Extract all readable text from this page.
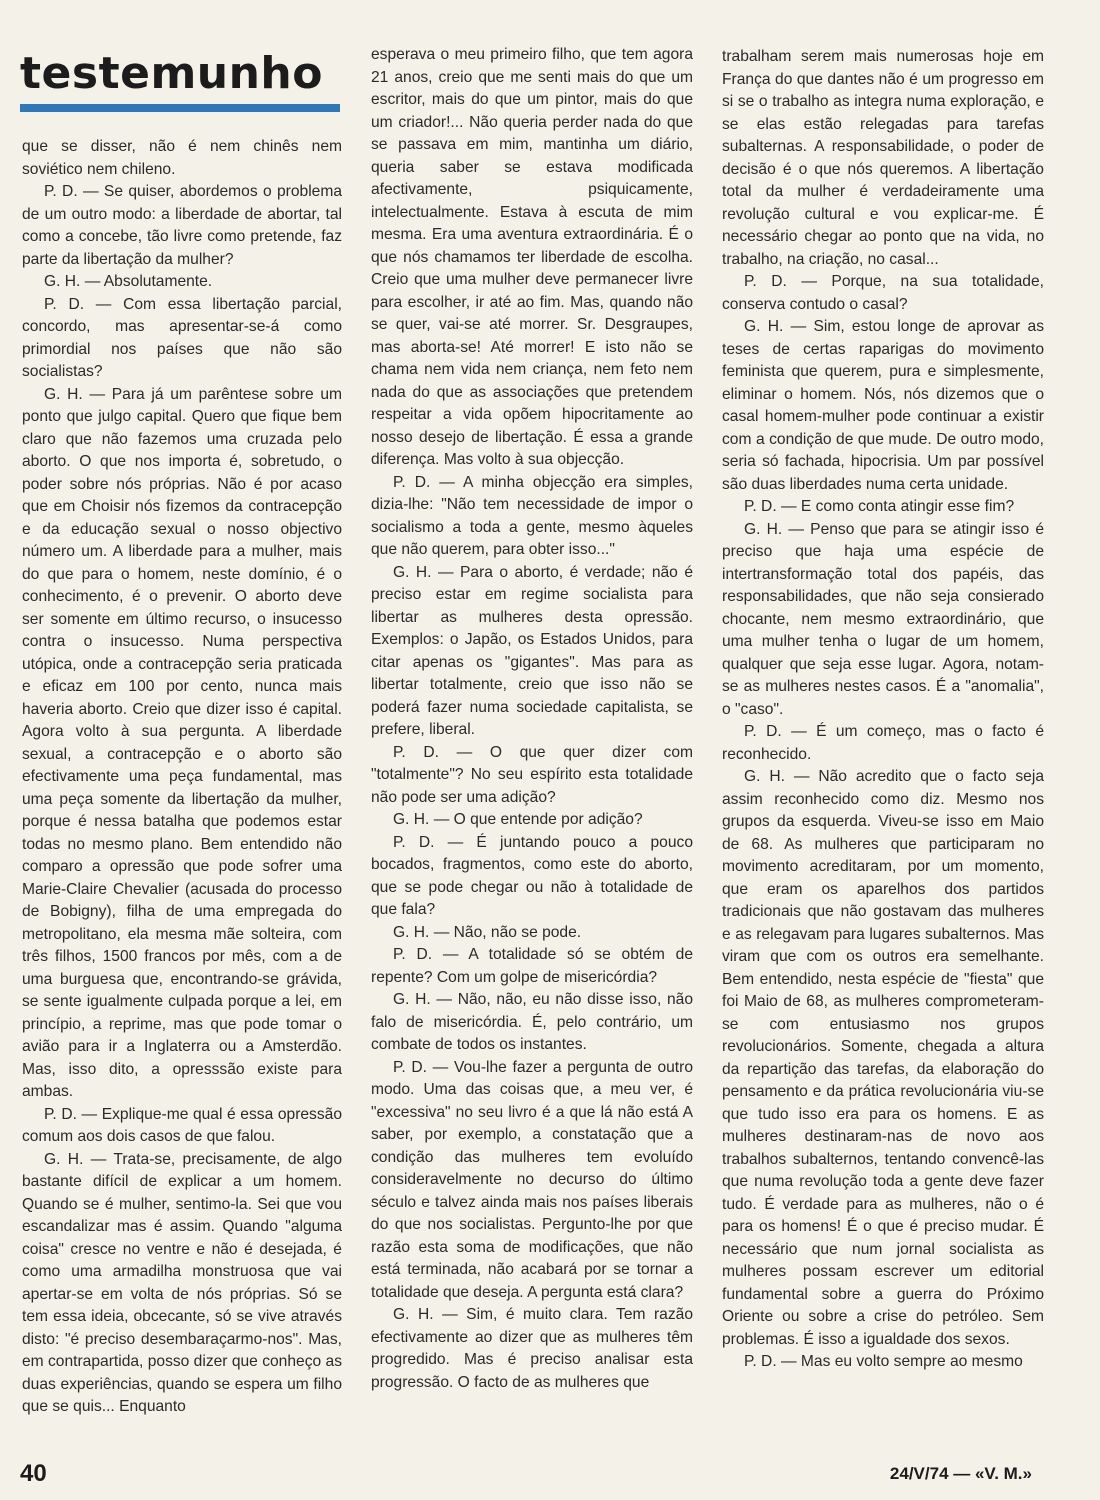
testemunho

que se disser, não é nem chinês nem soviético nem chileno.

P. D. — Se quiser, abordemos o problema de um outro modo: a liberdade de abortar, tal como a concebe, tão livre como pretende, faz parte da libertação da mulher?

G. H. — Absolutamente.

P. D. — Com essa libertação parcial, concordo, mas apresentar-se-á como primordial nos países que não são socialistas?

G. H. — Para já um parêntese sobre um ponto que julgo capital. Quero que fique bem claro que não fazemos uma cruzada pelo aborto. O que nos importa é, sobretudo, o poder sobre nós próprias. Não é por acaso que em Choisir nós fizemos da contracepção e da educação sexual o nosso objectivo número um. A liberdade para a mulher, mais do que para o homem, neste domínio, é o conhecimento, é o prevenir. O aborto deve ser somente em último recurso, o insucesso contra o insucesso. Numa perspectiva utópica, onde a contracepção seria praticada e eficaz em 100 por cento, nunca mais haveria aborto. Creio que dizer isso é capital. Agora volto à sua pergunta. A liberdade sexual, a contracepção e o aborto são efectivamente uma peça fundamental, mas uma peça somente da libertação da mulher, porque é nessa batalha que podemos estar todas no mesmo plano. Bem entendido não comparo a opressão que pode sofrer uma Marie-Claire Chevalier (acusada do processo de Bobigny), filha de uma empregada do metropolitano, ela mesma mãe solteira, com três filhos, 1500 francos por mês, com a de uma burguesa que, encontrando-se grávida, se sente igualmente culpada porque a lei, em princípio, a reprime, mas que pode tomar o avião para ir a Inglaterra ou a Amsterdão. Mas, isso dito, a opresssão existe para ambas.

P. D. — Explique-me qual é essa opressão comum aos dois casos de que falou.

G. H. — Trata-se, precisamente, de algo bastante difícil de explicar a um homem. Quando se é mulher, sentimo-la. Sei que vou escandalizar mas é assim. Quando "alguma coisa" cresce no ventre e não é desejada, é como uma armadilha monstruosa que vai apertar-se em volta de nós próprias. Só se tem essa ideia, obcecante, só se vive através disto: "é preciso desembaraçarmo-nos". Mas, em contrapartida, posso dizer que conheço as duas experiências, quando se espera um filho que se quis... Enquanto

esperava o meu primeiro filho, que tem agora 21 anos, creio que me senti mais do que um escritor, mais do que um pintor, mais do que um criador!... Não queria perder nada do que se passava em mim, mantinha um diário, queria saber se estava modificada afectivamente, psiquicamente, intelectualmente. Estava à escuta de mim mesma. Era uma aventura extraordinária. É o que nós chamamos ter liberdade de escolha. Creio que uma mulher deve permanecer livre para escolher, ir até ao fim. Mas, quando não se quer, vai-se até morrer. Sr. Desgraupes, mas aborta-se! Até morrer! E isto não se chama nem vida nem criança, nem feto nem nada do que as associações que pretendem respeitar a vida opõem hipocritamente ao nosso desejo de libertação. É essa a grande diferença. Mas volto à sua objecção.

P. D. — A minha objecção era simples, dizia-lhe: "Não tem necessidade de impor o socialismo a toda a gente, mesmo àqueles que não querem, para obter isso..."

G. H. — Para o aborto, é verdade; não é preciso estar em regime socialista para libertar as mulheres desta opressão. Exemplos: o Japão, os Estados Unidos, para citar apenas os "gigantes". Mas para as libertar totalmente, creio que isso não se poderá fazer numa sociedade capitalista, se prefere, liberal.

P. D. — O que quer dizer com "totalmente"? No seu espírito esta totalidade não pode ser uma adição?

G. H. — O que entende por adição?

P. D. — É juntando pouco a pouco bocados, fragmentos, como este do aborto, que se pode chegar ou não à totalidade de que fala?

G. H. — Não, não se pode.

P. D. — A totalidade só se obtém de repente? Com um golpe de misericórdia?

G. H. — Não, não, eu não disse isso, não falo de misericórdia. É, pelo contrário, um combate de todos os instantes.

P. D. — Vou-lhe fazer a pergunta de outro modo. Uma das coisas que, a meu ver, é "excessiva" no seu livro é a que lá não está A saber, por exemplo, a constatação que a condição das mulheres tem evoluído consideravelmente no decurso do último século e talvez ainda mais nos países liberais do que nos socialistas. Pergunto-lhe por que razão esta soma de modificações, que não está terminada, não acabará por se tornar a totalidade que deseja. A pergunta está clara?

G. H. — Sim, é muito clara. Tem razão efectivamente ao dizer que as mulheres têm progredido. Mas é preciso analisar esta progressão. O facto de as mulheres que

trabalham serem mais numerosas hoje em França do que dantes não é um progresso em si se o trabalho as integra numa exploração, e se elas estão relegadas para tarefas subalternas. A responsabilidade, o poder de decisão é o que nós queremos. A libertação total da mulher é verdadeiramente uma revolução cultural e vou explicar-me. É necessário chegar ao ponto que na vida, no trabalho, na criação, no casal...

P. D. — Porque, na sua totalidade, conserva contudo o casal?

G. H. — Sim, estou longe de aprovar as teses de certas raparigas do movimento feminista que querem, pura e simplesmente, eliminar o homem. Nós, nós dizemos que o casal homem-mulher pode continuar a existir com a condição de que mude. De outro modo, seria só fachada, hipocrisia. Um par possível são duas liberdades numa certa unidade.

P. D. — E como conta atingir esse fim?

G. H. — Penso que para se atingir isso é preciso que haja uma espécie de intertransformação total dos papéis, das responsabilidades, que não seja consierado chocante, nem mesmo extraordinário, que uma mulher tenha o lugar de um homem, qualquer que seja esse lugar. Agora, notam-se as mulheres nestes casos. É a "anomalia", o "caso".

P. D. — É um começo, mas o facto é reconhecido.

G. H. — Não acredito que o facto seja assim reconhecido como diz. Mesmo nos grupos da esquerda. Viveu-se isso em Maio de 68. As mulheres que participaram no movimento acreditaram, por um momento, que eram os aparelhos dos partidos tradicionais que não gostavam das mulheres e as relegavam para lugares subalternos. Mas viram que com os outros era semelhante. Bem entendido, nesta espécie de "fiesta" que foi Maio de 68, as mulheres comprometeram-se com entusiasmo nos grupos revolucionários. Somente, chegada a altura da repartição das tarefas, da elaboração do pensamento e da prática revolucionária viu-se que tudo isso era para os homens. E as mulheres destinaram-nas de novo aos trabalhos subalternos, tentando convencê-las que numa revolução toda a gente deve fazer tudo. É verdade para as mulheres, não o é para os homens! É o que é preciso mudar. É necessário que num jornal socialista as mulheres possam escrever um editorial fundamental sobre a guerra do Próximo Oriente ou sobre a crise do petróleo. Sem problemas. É isso a igualdade dos sexos.

P. D. — Mas eu volto sempre ao mesmo

40	24/V/74 — «V. M.»
